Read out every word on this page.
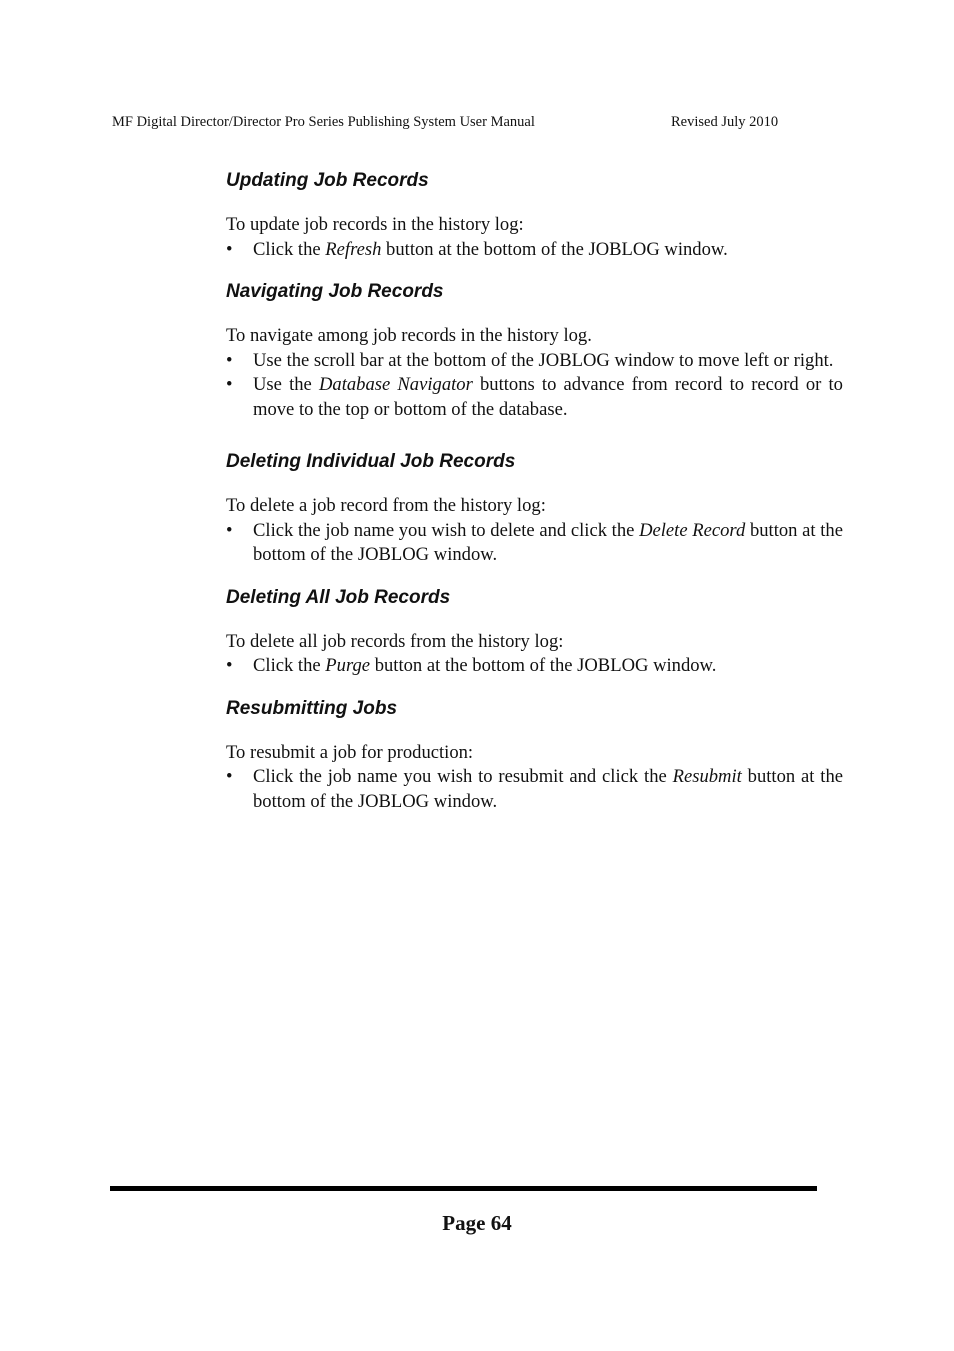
MF Digital Director/Director Pro Series Publishing System User Manual	Revised July 2010
Updating Job Records

To update job records in the history log:

• Click the Refresh button at the bottom of the JOBLOG window.
Navigating Job Records

To navigate among job records in the history log.

• Use the scroll bar at the bottom of the JOBLOG window to move left or right.
• Use the Database Navigator buttons to advance from record to record or to move to the top or bottom of the database.
Deleting Individual Job Records

To delete a job record from the history log:

• Click the job name you wish to delete and click the Delete Record button at the bottom of the JOBLOG window.
Deleting All Job Records

To delete all job records from the history log:

• Click the Purge button at the bottom of the JOBLOG window.
Resubmitting Jobs

To resubmit a job for production:

• Click the job name you wish to resubmit and click the Resubmit button at the bottom of the JOBLOG window.
Page 64
